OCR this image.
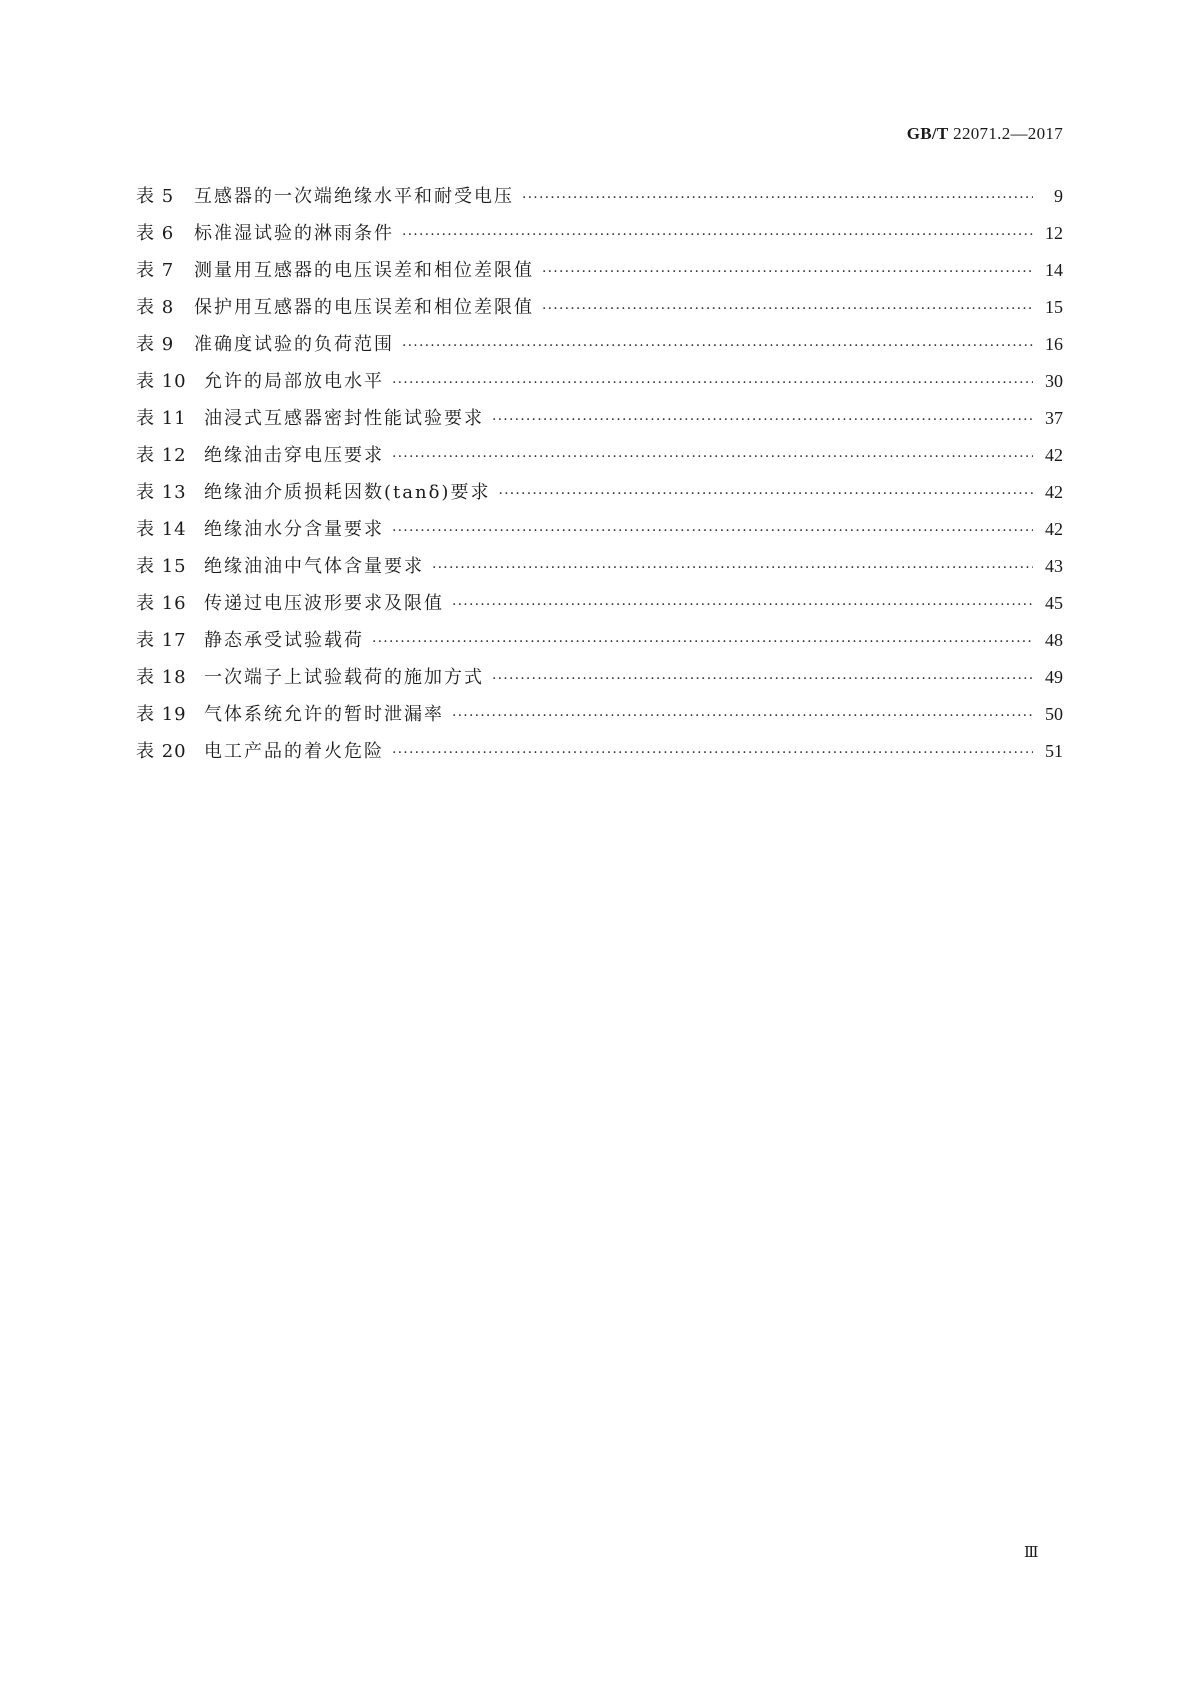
GB/T 22071.2—2017
表 5	互感器的一次端绝缘水平和耐受电压 ·····	9
表 6	标准湿试验的淋雨条件 ·····	12
表 7	测量用互感器的电压误差和相位差限值 ·····	14
表 8	保护用互感器的电压误差和相位差限值 ·····	15
表 9	准确度试验的负荷范围 ·····	16
表 10 允许的局部放电水平 ·····	30
表 11 油浸式互感器密封性能试验要求 ·····	37
表 12 绝缘油击穿电压要求 ·····	42
表 13 绝缘油介质损耗因数(tanδ)要求 ·····	42
表 14 绝缘油水分含量要求 ·····	42
表 15 绝缘油油中气体含量要求 ·····	43
表 16 传递过电压波形要求及限值 ·····	45
表 17 静态承受试验载荷 ·····	48
表 18 一次端子上试验载荷的施加方式 ·····	49
表 19 气体系统允许的暂时泄漏率 ·····	50
表 20 电工产品的着火危险 ·····	51
Ⅲ
